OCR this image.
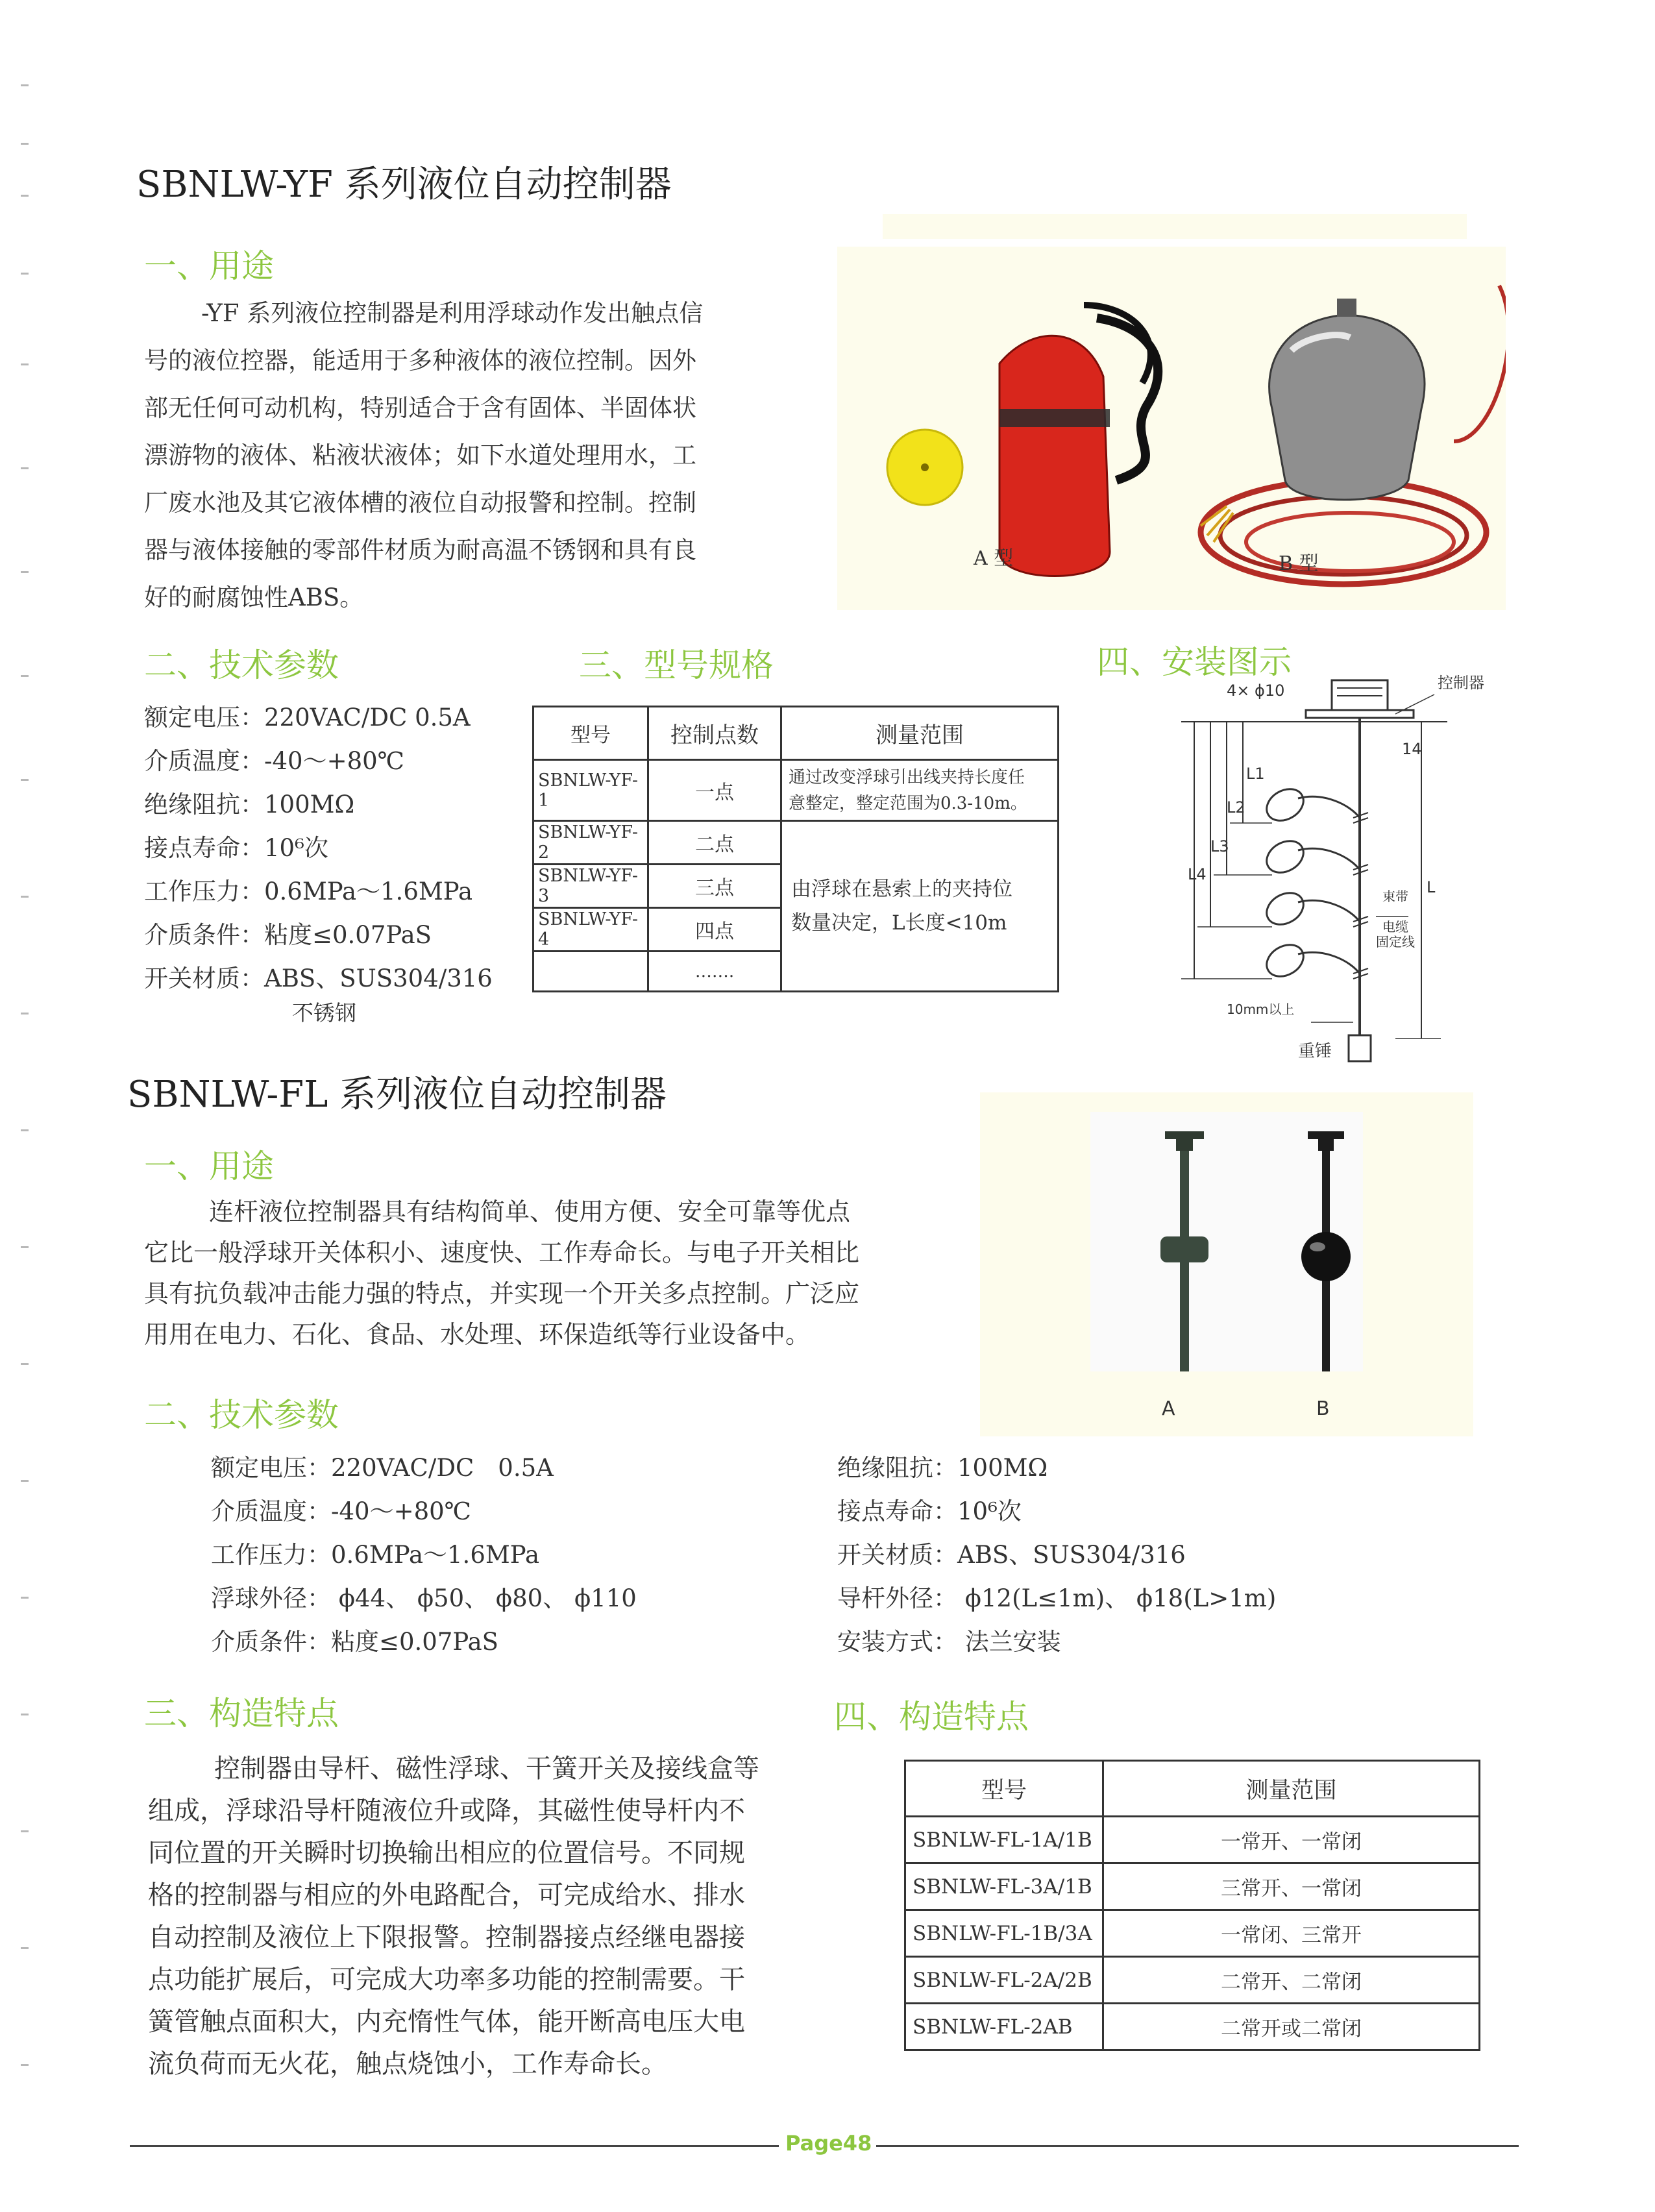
SBNLW-YF 系列液位自动控制器
一、用途
-YF 系列液位控制器是利用浮球动作发出触点信
号的液位控器，能适用于多种液体的液位控制。因外
部无任何可动机构，特别适合于含有固体、半固体状
漂游物的液体、粘液状液体；如下水道处理用水，工
厂废水池及其它液体槽的液位自动报警和控制。控制
器与液体接触的零部件材质为耐高温不锈钢和具有良
好的耐腐蚀性ABS。
A 型	B 型
二、技术参数
额定电压：220VAC/DC 0.5A
介质温度：-40～+80℃
绝缘阻抗：100MΩ
接点寿命：10⁶次
工作压力：0.6MPa～1.6MPa
介质条件：粘度≤0.07PaS
开关材质：ABS、SUS304/316
不锈钢
三、型号规格
型号	控制点数	测量范围
SBNLW-YF-1	一点	通过改变浮球引出线夹持长度任
意整定，整定范围为0.3-10m。

SBNLW-YF-2	二点	由浮球在悬索上的夹持位
数量决定，L长度<10m

SBNLW-YF-3	三点	
SBNLW-YF-4	四点	
	…….	
四、安装图示
4× ϕ10	控制器
14
L1
L2
L3
L4
L
束带
电缆
固定线
10mm以上
重锤
SBNLW-FL 系列液位自动控制器
一、用途
连杆液位控制器具有结构简单、使用方便、安全可靠等优点
它比一般浮球开关体积小、速度快、工作寿命长。与电子开关相比
具有抗负载冲击能力强的特点，并实现一个开关多点控制。广泛应
用用在电力、石化、食品、水处理、环保造纸等行业设备中。
A	B
二、技术参数
额定电压：220VAC/DC　0.5A
介质温度：-40～+80℃
工作压力：0.6MPa～1.6MPa
浮球外径： ϕ44、 ϕ50、 ϕ80、 ϕ110
介质条件：粘度≤0.07PaS
绝缘阻抗：100MΩ
接点寿命：10⁶次
开关材质：ABS、SUS304/316
导杆外径： ϕ12(L≤1m)、 ϕ18(L>1m)
安装方式： 法兰安装
三、构造特点
控制器由导杆、磁性浮球、干簧开关及接线盒等
组成，浮球沿导杆随液位升或降，其磁性使导杆内不
同位置的开关瞬时切换输出相应的位置信号。不同规
格的控制器与相应的外电路配合，可完成给水、排水
自动控制及液位上下限报警。控制器接点经继电器接
点功能扩展后，可完成大功率多功能的控制需要。干
簧管触点面积大，内充惰性气体，能开断高电压大电
流负荷而无火花，触点烧蚀小，工作寿命长。
四、构造特点
型号	测量范围
SBNLW-FL-1A/1B	一常开、一常闭
SBNLW-FL-3A/1B	三常开、一常闭
SBNLW-FL-1B/3A	一常闭、三常开
SBNLW-FL-2A/2B	二常开、二常闭
SBNLW-FL-2AB	二常开或二常闭
Page48
